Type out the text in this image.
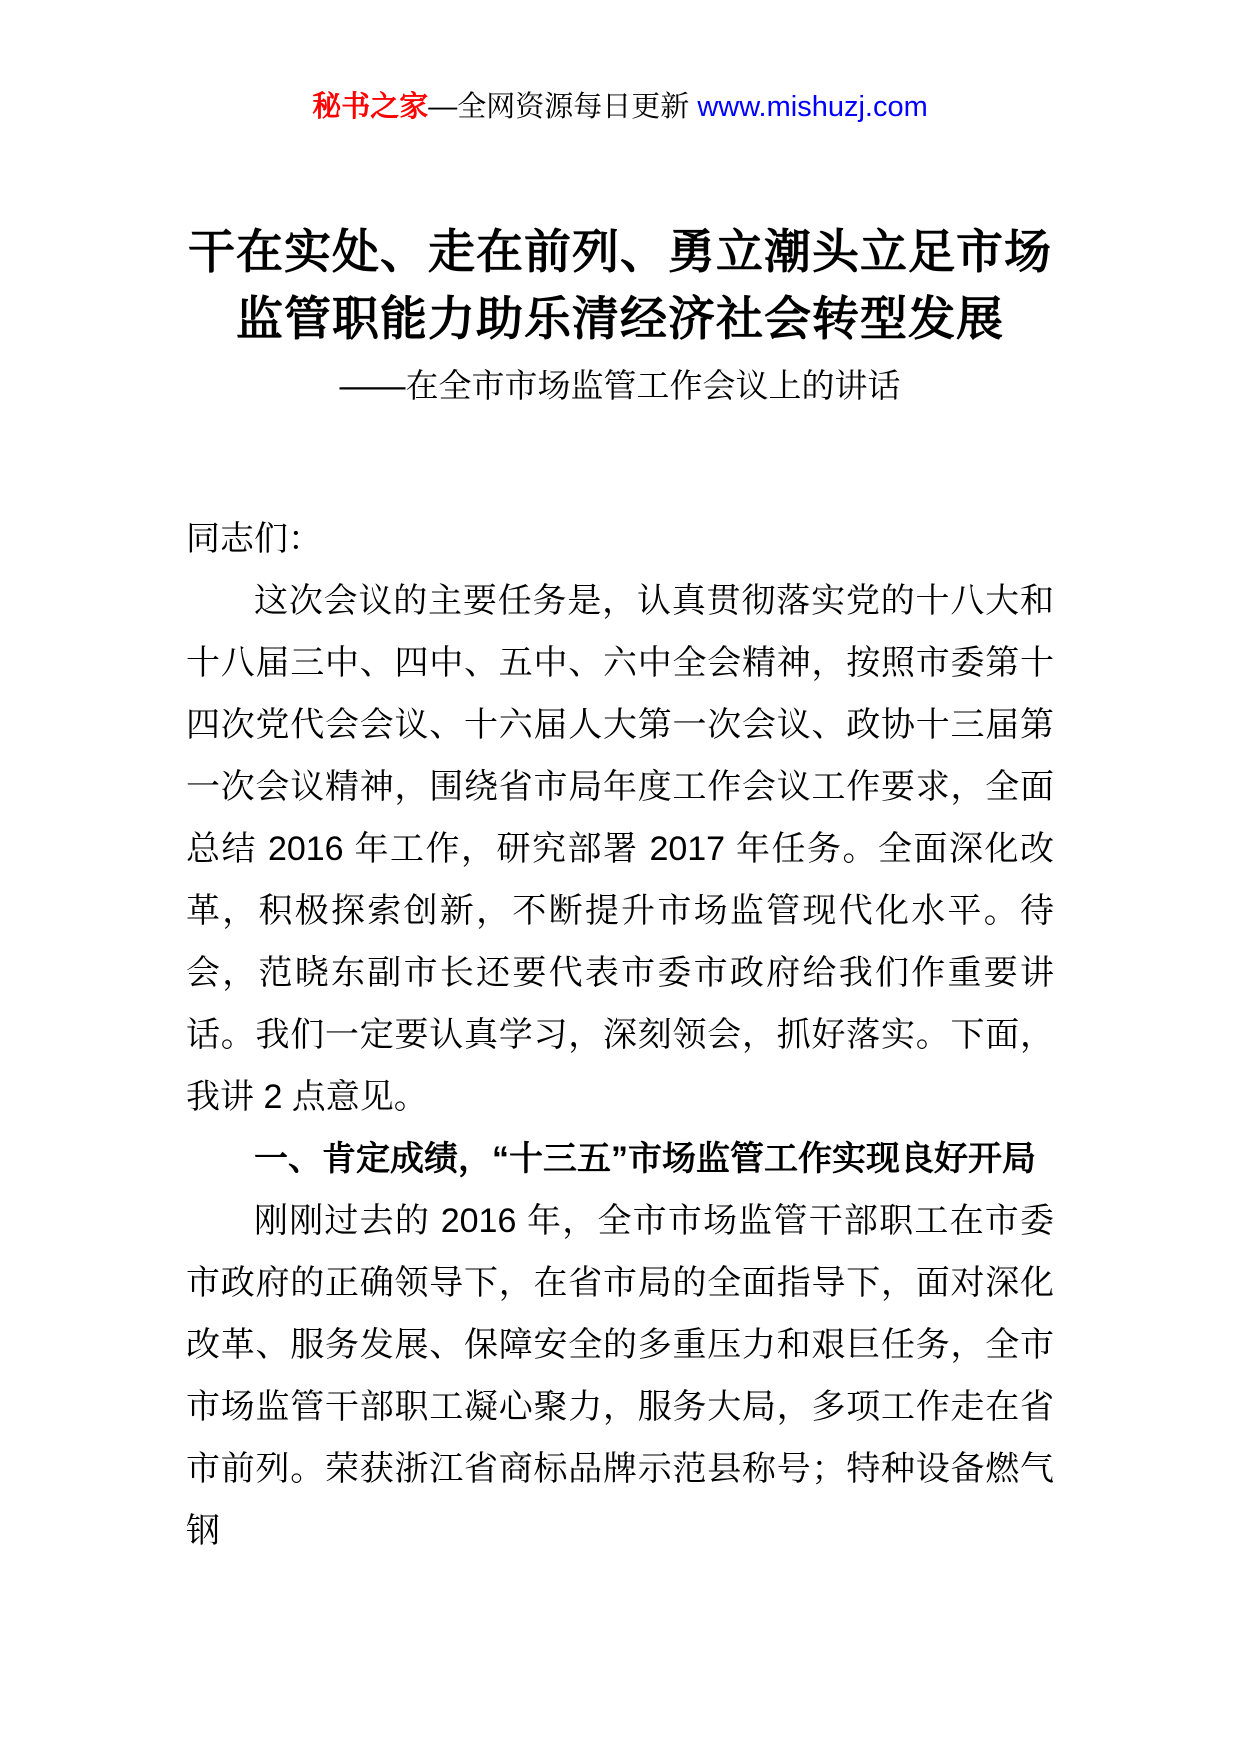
秘书之家—全网资源每日更新 www.mishuzj.com
干在实处、走在前列、勇立潮头立足市场监管职能力助乐清经济社会转型发展
——在全市市场监管工作会议上的讲话

同志们：

这次会议的主要任务是，认真贯彻落实党的十八大和十八届三中、四中、五中、六中全会精神，按照市委第十四次党代会会议、十六届人大第一次会议、政协十三届第一次会议精神，围绕省市局年度工作会议工作要求，全面总结 2016 年工作，研究部署 2017 年任务。全面深化改革，积极探索创新，不断提升市场监管现代化水平。待会，范晓东副市长还要代表市委市政府给我们作重要讲话。我们一定要认真学习，深刻领会，抓好落实。下面，我讲 2 点意见。

一、肯定成绩，“十三五”市场监管工作实现良好开局

刚刚过去的 2016 年，全市市场监管干部职工在市委市政府的正确领导下，在省市局的全面指导下，面对深化改革、服务发展、保障安全的多重压力和艰巨任务，全市市场监管干部职工凝心聚力，服务大局，多项工作走在省市前列。荣获浙江省商标品牌示范县称号；特种设备燃气钢
